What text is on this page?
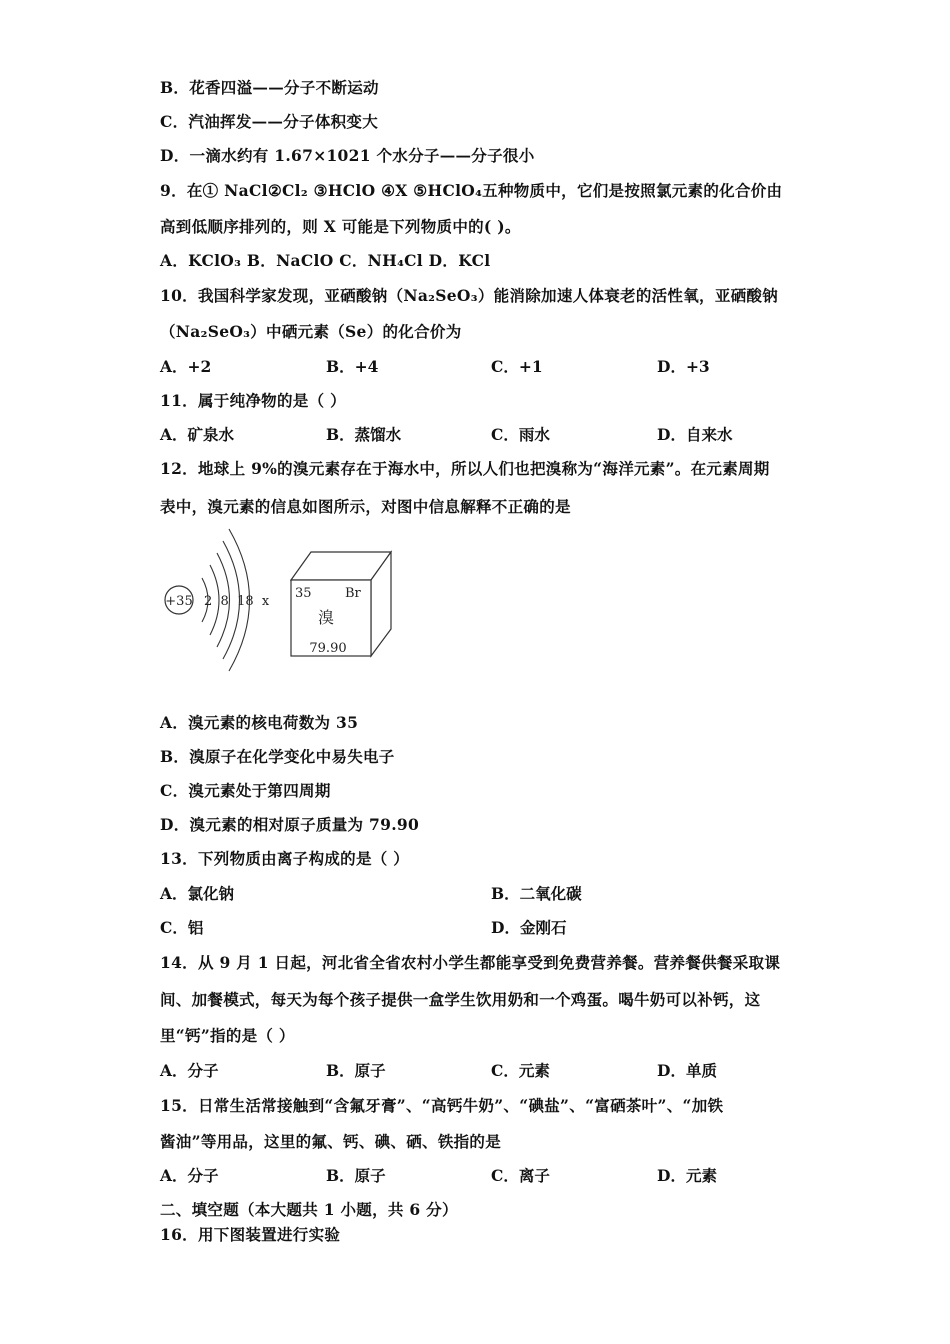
B．花香四溢——分子不断运动
C．汽油挥发——分子体积变大
D．一滴水约有 1.67×1021 个水分子——分子很小
9．在① NaCl②Cl₂ ③HClO ④X ⑤HClO₄五种物质中，它们是按照氯元素的化合价由
高到低顺序排列的，则 X 可能是下列物质中的( )。
A．KClO₃ B．NaClO C．NH₄Cl D．KCl
10．我国科学家发现，亚硒酸钠（Na₂SeO₃）能消除加速人体衰老的活性氧，亚硒酸钠
（Na₂SeO₃）中硒元素（Se）的化合价为
A．+2	B．+4	C．+1	D．+3
11．属于纯净物的是（ ）
A．矿泉水	B．蒸馏水	C．雨水	D．自来水
12．地球上 9%的溴元素存在于海水中，所以人们也把溴称为“海洋元素”。在元素周期
表中，溴元素的信息如图所示，对图中信息解释不正确的是
+35 2  8  18  x
35	Br
溴
79.90
A．溴元素的核电荷数为 35
B．溴原子在化学变化中易失电子
C．溴元素处于第四周期
D．溴元素的相对原子质量为 79.90
13．下列物质由离子构成的是（ ）
A．氯化钠	B．二氧化碳
C．铝	D．金刚石
14．从 9 月 1 日起，河北省全省农村小学生都能享受到免费营养餐。营养餐供餐采取课
间、加餐模式，每天为每个孩子提供一盒学生饮用奶和一个鸡蛋。喝牛奶可以补钙，这
里“钙”指的是（ ）
A．分子	B．原子	C．元素	D．单质
15．日常生活常接触到“含氟牙膏”、“高钙牛奶”、“碘盐”、“富硒茶叶”、“加铁
酱油”等用品，这里的氟、钙、碘、硒、铁指的是
A．分子	B．原子	C．离子	D．元素
二、填空题（本大题共 1 小题，共 6 分）
16．用下图装置进行实验
